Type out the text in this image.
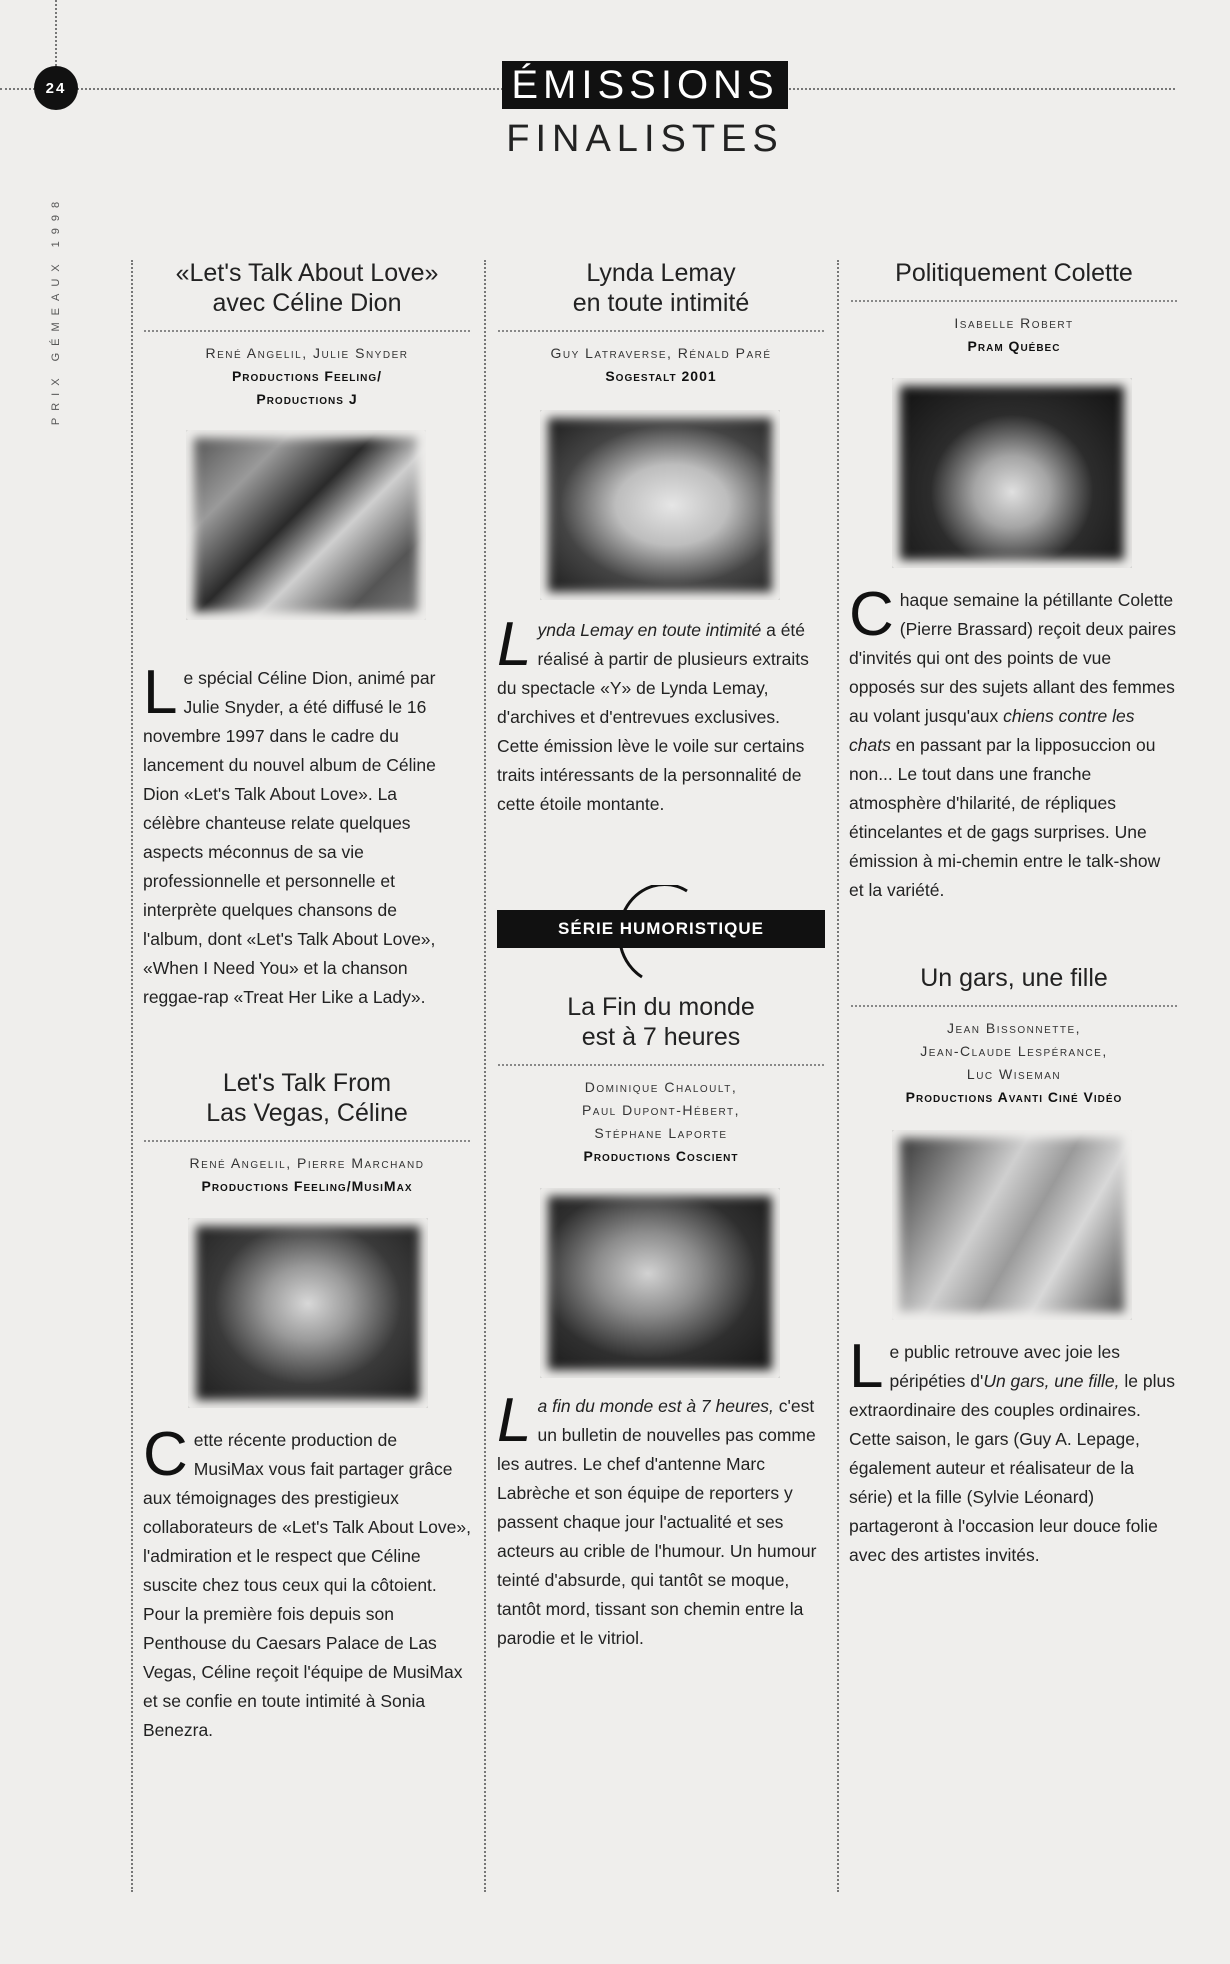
24	ÉMISSIONS
FINALISTES
PRIX GÉMEAUX 1998	«Let's Talk About Love»
avec Céline Dion
René Angelil, Julie Snyder
Productions Feeling/
Productions J
Le spécial Céline Dion, animé par Julie Snyder, a été diffusé le 16 novembre 1997 dans le cadre du lancement du nouvel album de Céline Dion «Let's Talk About Love». La célèbre chanteuse relate quelques aspects méconnus de sa vie professionnelle et personnelle et interprète quelques chansons de l'album, dont «Let's Talk About Love», «When I Need You» et la chanson reggae-rap «Treat Her Like a Lady».
Let's Talk From
Las Vegas, Céline
René Angelil, Pierre Marchand
Productions Feeling/MusiMax
Cette récente production de MusiMax vous fait partager grâce aux témoignages des prestigieux collaborateurs de «Let's Talk About Love», l'admiration et le respect que Céline suscite chez tous ceux qui la côtoient. Pour la première fois depuis son Penthouse du Caesars Palace de Las Vegas, Céline reçoit l'équipe de MusiMax et se confie en toute intimité à Sonia Benezra.
Lynda Lemay
en toute intimité
Guy Latraverse, Rénald Paré
Sogestalt 2001
Lynda Lemay en toute intimité a été réalisé à partir de plusieurs extraits du spectacle «Y» de Lynda Lemay, d'archives et d'entrevues exclusives. Cette émission lève le voile sur certains traits intéressants de la personnalité de cette étoile montante.
SÉRIE HUMORISTIQUE
La Fin du monde
est à 7 heures
Dominique Chaloult,
Paul Dupont-Hébert,
Stéphane Laporte
Productions Coscient
La fin du monde est à 7 heures, c'est un bulletin de nouvelles pas comme les autres. Le chef d'antenne Marc Labrèche et son équipe de reporters y passent chaque jour l'actualité et ses acteurs au crible de l'humour. Un humour teinté d'absurde, qui tantôt se moque, tantôt mord, tissant son chemin entre la parodie et le vitriol.
Politiquement Colette
Isabelle Robert
Pram Québec
Chaque semaine la pétillante Colette (Pierre Brassard) reçoit deux paires d'invités qui ont des points de vue opposés sur des sujets allant des femmes au volant jusqu'aux chiens contre les chats en passant par la lipposuccion ou non... Le tout dans une franche atmosphère d'hilarité, de répliques étincelantes et de gags surprises. Une émission à mi-chemin entre le talk-show et la variété.
Un gars, une fille
Jean Bissonnette,
Jean-Claude Lespérance,
Luc Wiseman
Productions Avanti Ciné Vidéo
Le public retrouve avec joie les péripéties d'Un gars, une fille, le plus extraordinaire des couples ordinaires. Cette saison, le gars (Guy A. Lepage, également auteur et réalisateur de la série) et la fille (Sylvie Léonard) partageront à l'occasion leur douce folie avec des artistes invités.
